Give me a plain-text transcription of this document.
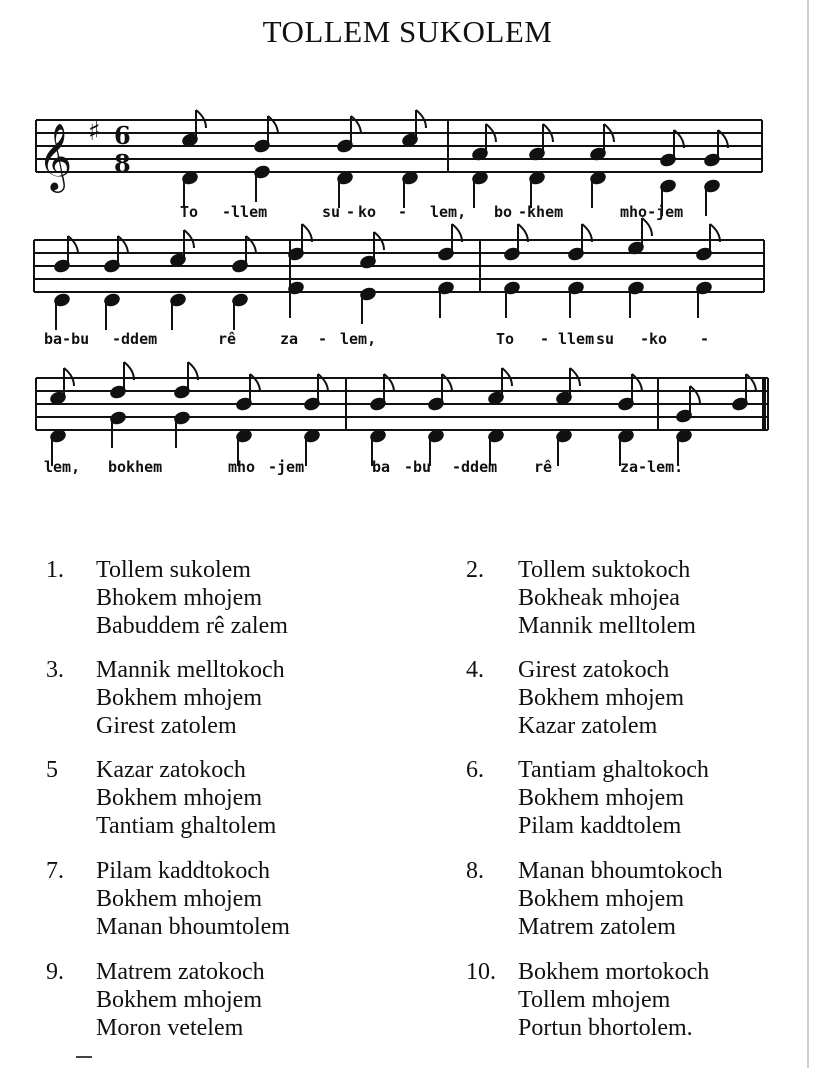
TOLLEM SUKOLEM
𝄞 ♯ 6
8
To -llem	su - ko - lem, bo -khem	mho-jem
ba-bu -ddem	rê	za - lem,	To - llem su -ko -
lem, bokhem	mho -jem	ba -bu -ddem rê	za-lem.
1. Tollem sukolem
Bhokem mhojem
Babuddem rê zalem
2. Tollem suktokoch
Bokheak mhojea
Mannik melltolem
3. Mannik melltokoch
Bokhem mhojem
Girest zatolem
4. Girest zatokoch
Bokhem mhojem
Kazar zatolem
5 Kazar zatokoch
Bokhem mhojem
Tantiam ghaltolem
6. Tantiam ghaltokoch
Bokhem mhojem
Pilam kaddtolem
7. Pilam kaddtokoch
Bokhem mhojem
Manan bhoumtolem
8. Manan bhoumtokoch
Bokhem mhojem
Matrem zatolem
9. Matrem zatokoch
Bokhem mhojem
Moron vetelem
10. Bokhem mortokoch
Tollem mhojem
Portun bhortolem.
